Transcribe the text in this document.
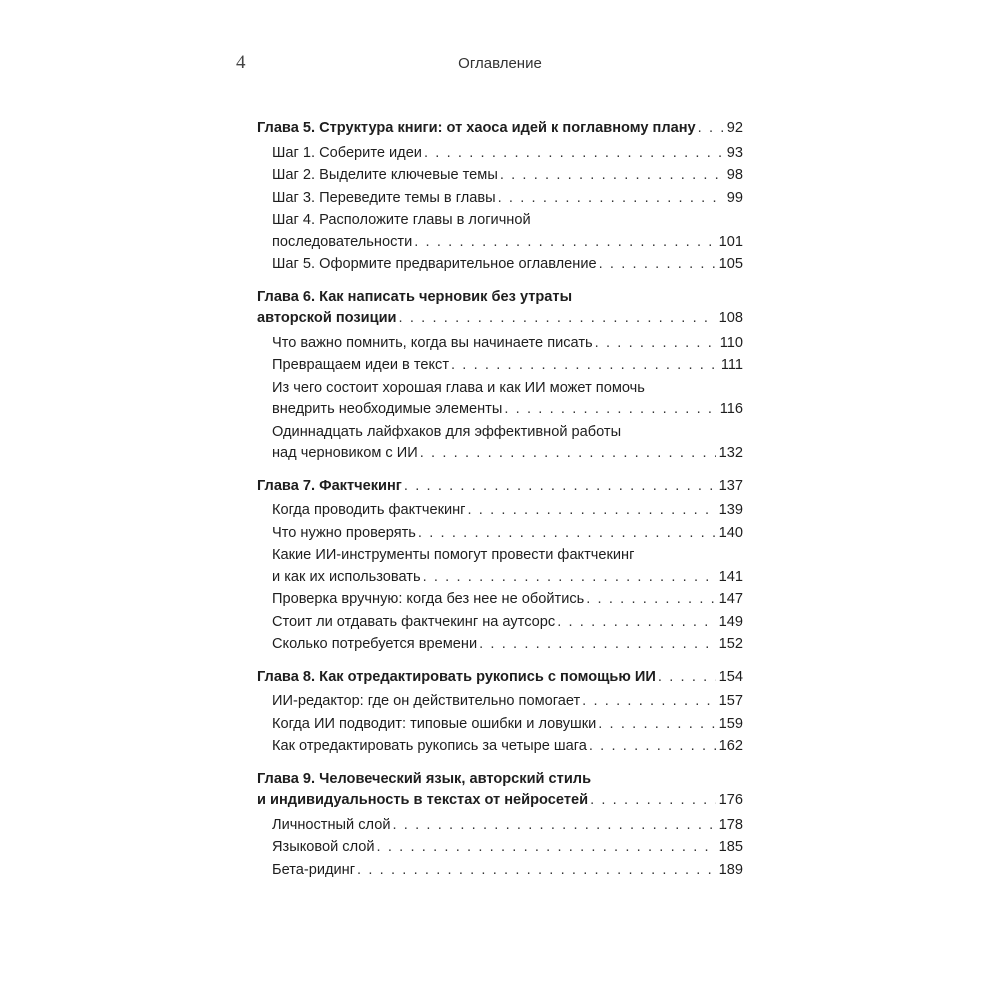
4	Оглавление
Глава 5. Структура книги: от хаоса идей к поглавному плану . . . 92
Шаг 1. Соберите идеи . . .	93
Шаг 2. Выделите ключевые темы . . .	98
Шаг 3. Переведите темы в главы . . .	99
Шаг 4. Расположите главы в логичной
последовательности . . .	101
Шаг 5. Оформите предварительное оглавление . . .	105
Глава 6. Как написать черновик без утраты
авторской позиции . . .	108
Что важно помнить, когда вы начинаете писать . . .	110
Превращаем идеи в текст . . .	111
Из чего состоит хорошая глава и как ИИ может помочь
внедрить необходимые элементы . . .	116
Одиннадцать лайфхаков для эффективной работы
над черновиком с ИИ . . .	132
Глава 7. Фактчекинг . . .	137
Когда проводить фактчекинг . . .	139
Что нужно проверять . . .	140
Какие ИИ-инструменты помогут провести фактчекинг
и как их использовать . . .	141
Проверка вручную: когда без нее не обойтись . . .	147
Стоит ли отдавать фактчекинг на аутсорс . . .	149
Сколько потребуется времени . . .	152
Глава 8. Как отредактировать рукопись с помощью ИИ . . .	154
ИИ-редактор: где он действительно помогает . . .	157
Когда ИИ подводит: типовые ошибки и ловушки . . .	159
Как отредактировать рукопись за четыре шага . . .	162
Глава 9. Человеческий язык, авторский стиль
и индивидуальность в текстах от нейросетей . . .	176
Личностный слой . . .	178
Языковой слой . . .	185
Бета-ридинг . . .	189
